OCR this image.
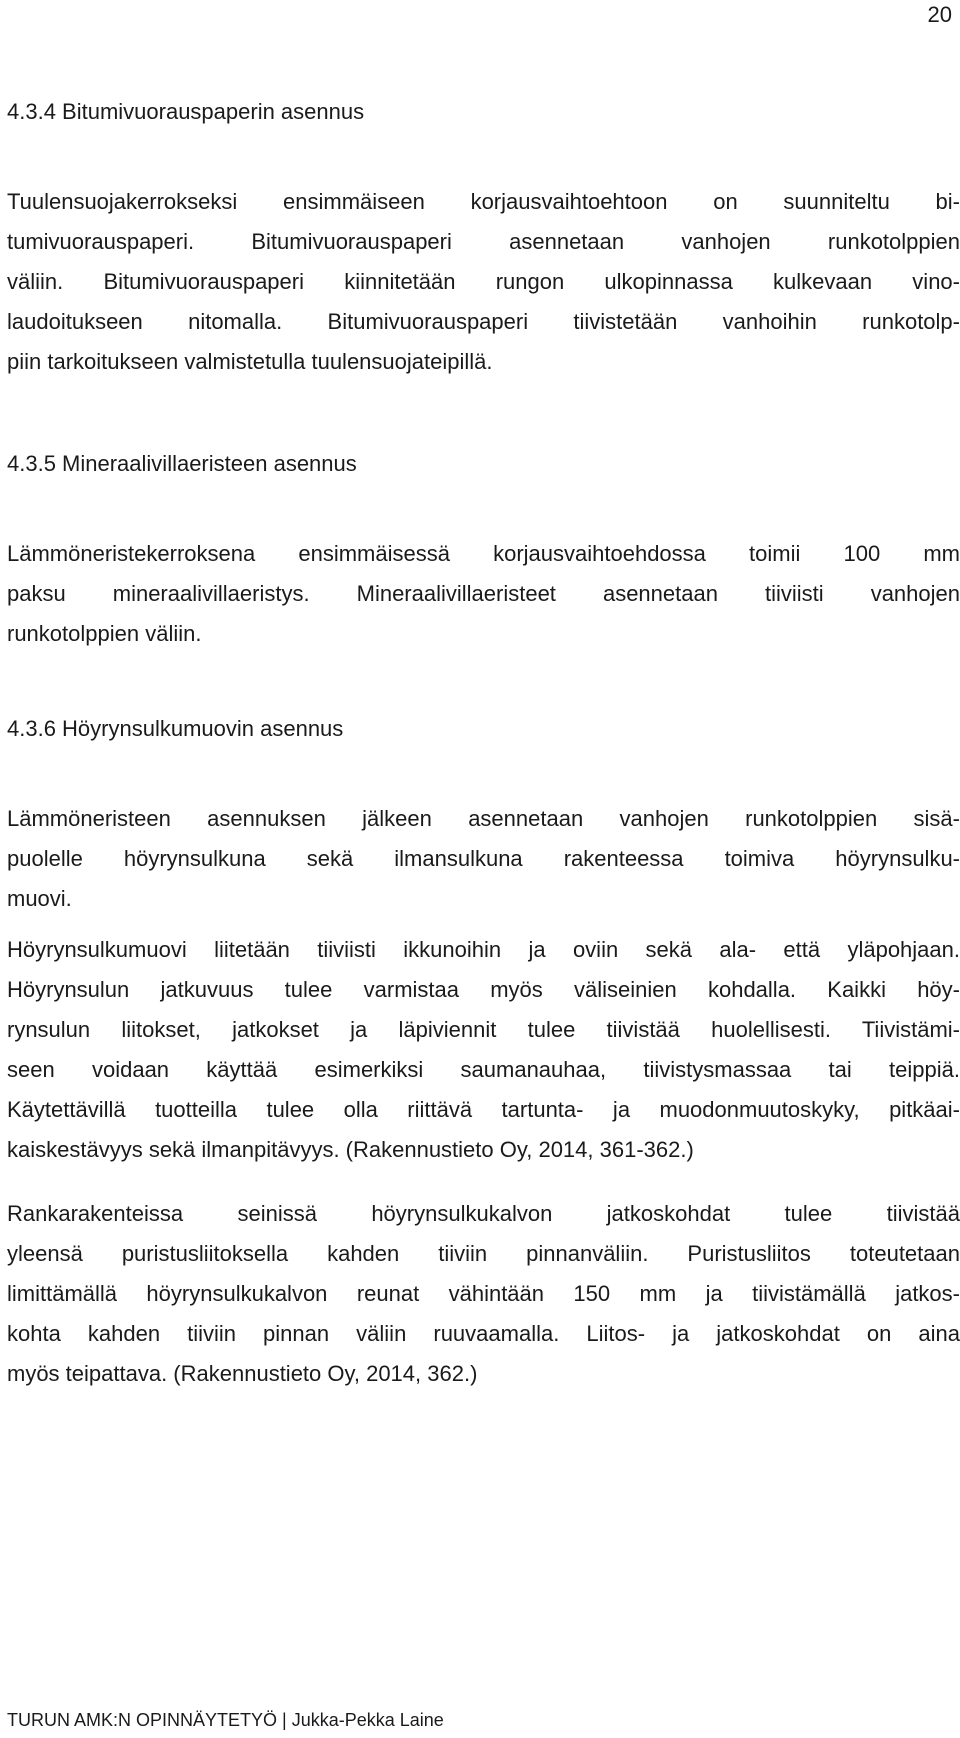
20
4.3.4 Bitumivuorauspaperin asennus
Tuulensuojakerrokseksi ensimmäiseen korjausvaihtoehtoon on suunniteltu bi-
tumivuorauspaperi. Bitumivuorauspaperi asennetaan vanhojen runkotolppien
väliin. Bitumivuorauspaperi kiinnitetään rungon ulkopinnassa kulkevaan vino-
laudoitukseen nitomalla. Bitumivuorauspaperi tiivistetään vanhoihin runkotolp-
piin tarkoitukseen valmistetulla tuulensuojateipillä.
4.3.5 Mineraalivillaeristeen asennus
Lämmöneristekerroksena ensimmäisessä korjausvaihtoehdossa toimii 100 mm
paksu mineraalivillaeristys. Mineraalivillaeristeet asennetaan tiiviisti vanhojen
runkotolppien väliin.
4.3.6 Höyrynsulkumuovin asennus
Lämmöneristeen asennuksen jälkeen asennetaan vanhojen runkotolppien sisä-
puolelle höyrynsulkuna sekä ilmansulkuna rakenteessa toimiva höyrynsulku-
muovi.
Höyrynsulkumuovi liitetään tiiviisti ikkunoihin ja oviin sekä ala- että yläpohjaan.
Höyrynsulun jatkuvuus tulee varmistaa myös väliseinien kohdalla. Kaikki höy-
rynsulun liitokset, jatkokset ja läpiviennit tulee tiivistää huolellisesti. Tiivistämi-
seen voidaan käyttää esimerkiksi saumanauhaa, tiivistysmassaa tai teippiä.
Käytettävillä tuotteilla tulee olla riittävä tartunta- ja muodonmuutoskyky, pitkäai-
kaiskestävyys sekä ilmanpitävyys. (Rakennustieto Oy, 2014, 361-362.)
Rankarakenteissa seinissä höyrynsulkukalvon jatkoskohdat tulee tiivistää
yleensä puristusliitoksella kahden tiiviin pinnanväliin. Puristusliitos toteutetaan
limittämällä höyrynsulkukalvon reunat vähintään 150 mm ja tiivistämällä jatkos-
kohta kahden tiiviin pinnan väliin ruuvaamalla. Liitos- ja jatkoskohdat on aina
myös teipattava. (Rakennustieto Oy, 2014, 362.)
TURUN AMK:N OPINNÄYTETYÖ | Jukka-Pekka Laine
